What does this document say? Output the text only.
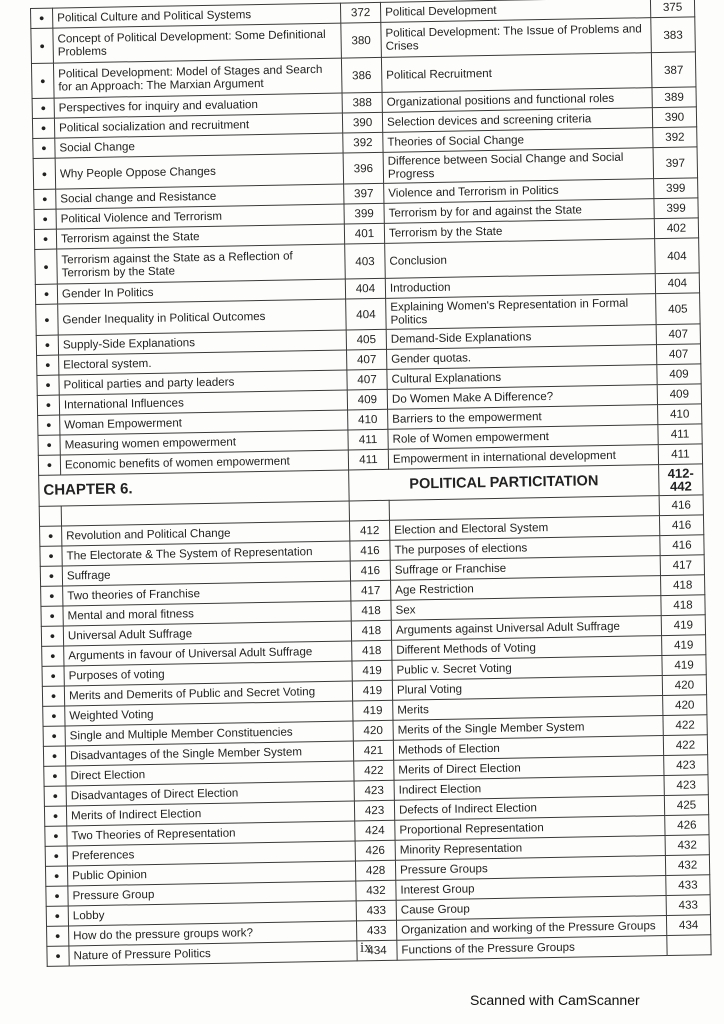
●	Political Culture and Political Systems	372	Political Development	375
●	Concept of Political Development: Some Definitional Problems	380	Political Development: The Issue of Problems and Crises	383
●	Political Development: Model of Stages and Search for an Approach: The Marxian Argument	386	Political Recruitment	387
●	Perspectives for inquiry and evaluation	388	Organizational positions and functional roles	389
●	Political socialization and recruitment	390	Selection devices and screening criteria	390
●	Social Change	392	Theories of Social Change	392
●	Why People Oppose Changes	396	Difference between Social Change and Social Progress	397
●	Social change and Resistance	397	Violence and Terrorism in Politics	399
●	Political Violence and Terrorism	399	Terrorism by for and against the State	399
●	Terrorism against the State	401	Terrorism by the State	402
●	Terrorism against the State as a Reflection of Terrorism by the State	403	Conclusion	404
●	Gender In Politics	404	Introduction	404
●	Gender Inequality in Political Outcomes	404	Explaining Women's Representation in Formal Politics	405
●	Supply-Side Explanations	405	Demand-Side Explanations	407
●	Electoral system.	407	Gender quotas.	407
●	Political parties and party leaders	407	Cultural Explanations	409
●	International Influences	409	Do Women Make A Difference?	409
●	Woman Empowerment	410	Barriers to the empowerment	410
●	Measuring women empowerment	411	Role of Women empowerment	411
●	Economic benefits of women empowerment	411	Empowerment in international development	411
CHAPTER 6.		POLITICAL PARTICITATION		412-442
				416
●	Revolution and Political Change	412	Election and Electoral System	416
●	The Electorate & The System of Representation	416	The purposes of elections	416
●	Suffrage	416	Suffrage or Franchise	417
●	Two theories of Franchise	417	Age Restriction	418
●	Mental and moral fitness	418	Sex	418
●	Universal Adult Suffrage	418	Arguments against Universal Adult Suffrage	419
●	Arguments in favour of Universal Adult Suffrage	418	Different Methods of Voting	419
●	Purposes of voting	419	Public v. Secret Voting	419
●	Merits and Demerits of Public and Secret Voting	419	Plural Voting	420
●	Weighted Voting	419	Merits	420
●	Single and Multiple Member Constituencies	420	Merits of the Single Member System	422
●	Disadvantages of the Single Member System	421	Methods of Election	422
●	Direct Election	422	Merits of Direct Election	423
●	Disadvantages of Direct Election	423	Indirect Election	423
●	Merits of Indirect Election	423	Defects of Indirect Election	425
●	Two Theories of Representation	424	Proportional Representation	426
●	Preferences	426	Minority Representation	432
●	Public Opinion	428	Pressure Groups	432
●	Pressure Group	432	Interest Group	433
●	Lobby	433	Cause Group	433
●	How do the pressure groups work?	433	Organization and working of the Pressure Groups	434
●	Nature of Pressure Politics	434	Functions of the Pressure Groups	
ix
Scanned with CamScanner
